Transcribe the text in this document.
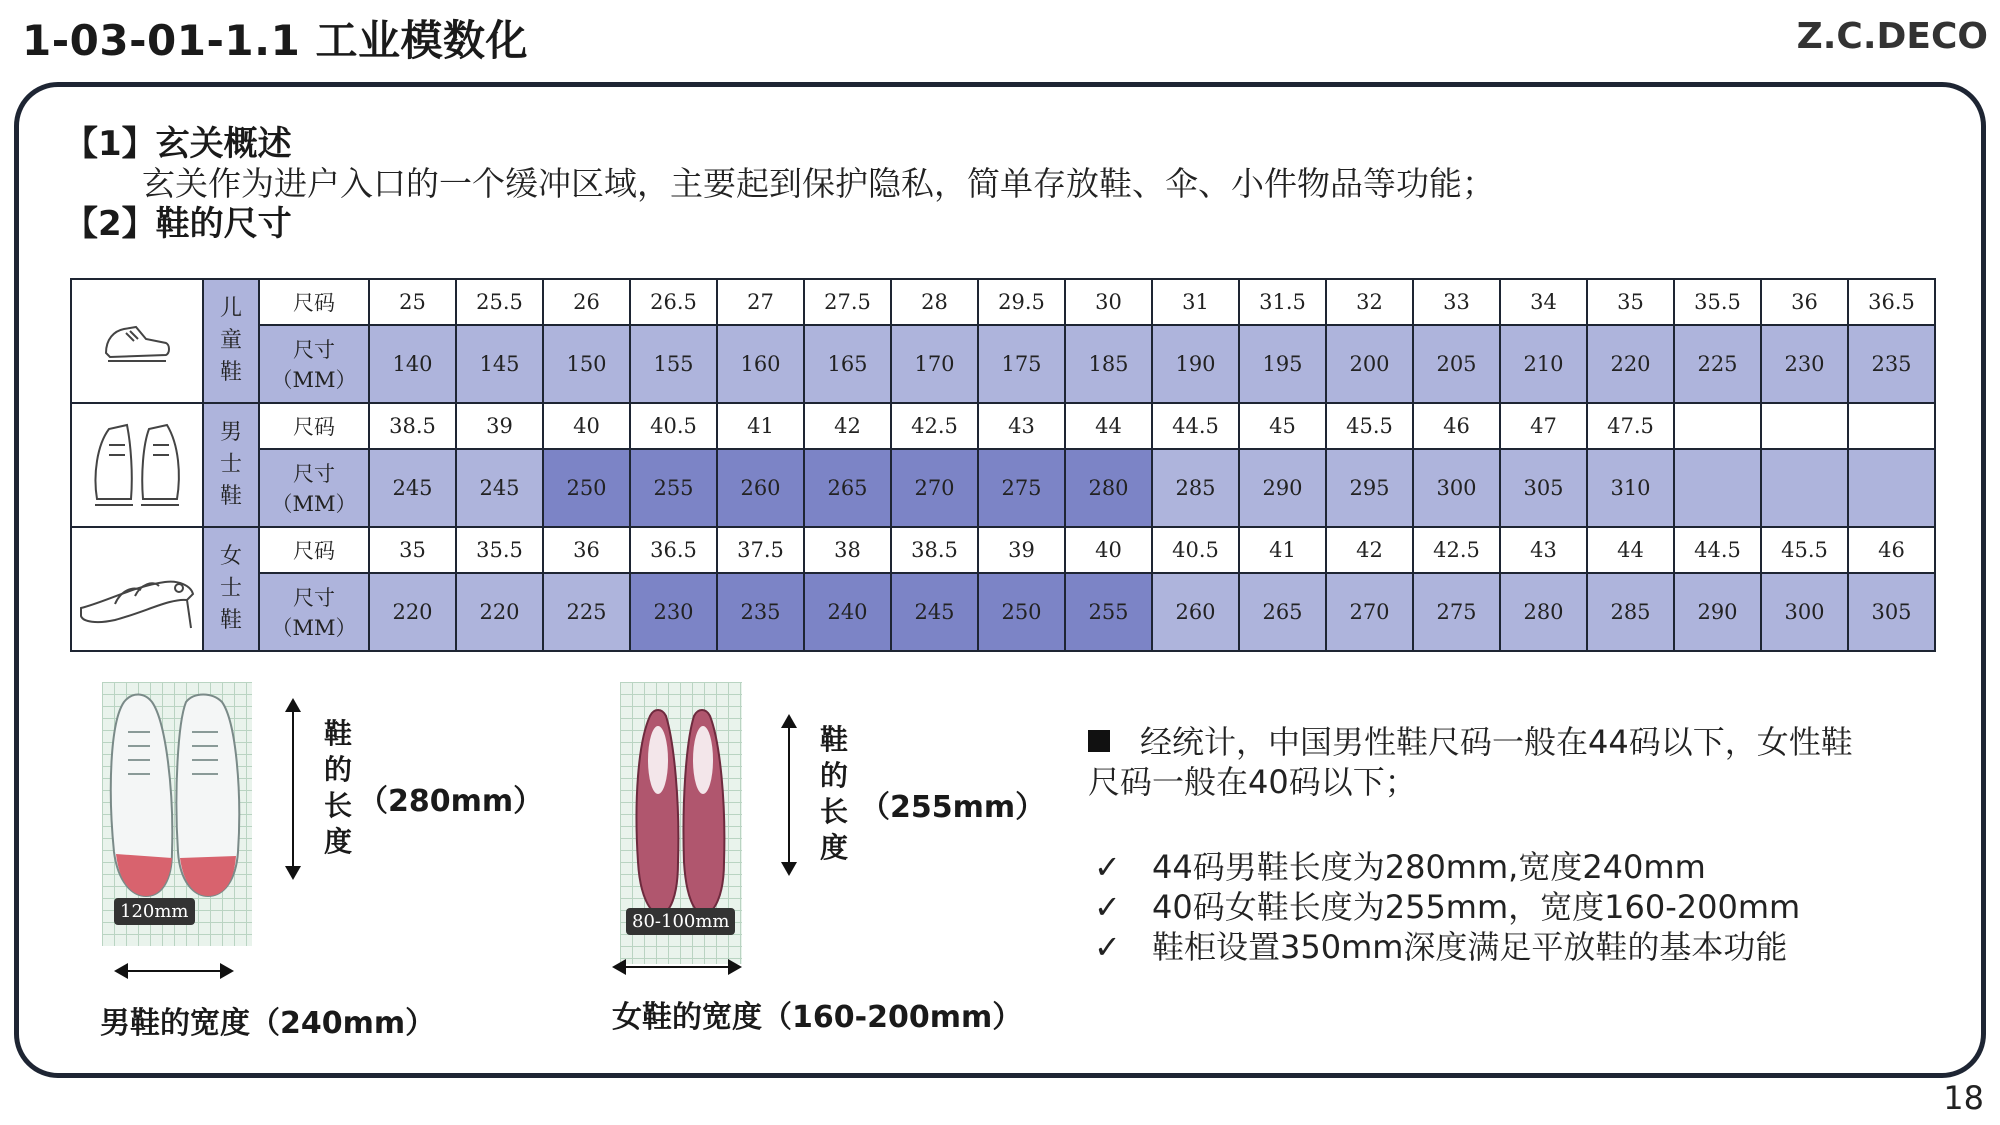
1-03-01-1.1 工业模数化	Z.C.DECO
【1】玄关概述
玄关作为进户入口的一个缓冲区域，主要起到保护隐私，简单存放鞋、伞、小件物品等功能；
【2】鞋的尺寸

儿
童
鞋	尺码	25	25.5	26	26.5	27	27.5	28	29.5	30	31	31.5	32	33	34	35	35.5	36	36.5
		尺寸（MM）	140	145	150	155	160	165	170	175	185	190	195	200	205	210	220	225	230	235

男
士
鞋	尺码	38.5	39	40	40.5	41	42	42.5	43	44	44.5	45	45.5	46	47	47.5			
		尺寸（MM）	245	245	250	255	260	265	270	275	280	285	290	295	300	305	310			

女
士
鞋	尺码	35	35.5	36	36.5	37.5	38	38.5	39	40	40.5	41	42	42.5	43	44	44.5	45.5	46
		尺寸（MM）	220	220	225	230	235	240	245	250	255	260	265	270	275	280	285	290	300	305
120mm
鞋
的
长
度
（280mm）
男鞋的宽度（240mm）
80-100mm
鞋
的
长
度
（255mm）
女鞋的宽度（160-200mm）
经统计，中国男性鞋尺码一般在44码以下，女性鞋
尺码一般在40码以下；
✓ 44码男鞋长度为280mm,宽度240mm
✓ 40码女鞋长度为255mm，宽度160-200mm
✓ 鞋柜设置350mm深度满足平放鞋的基本功能
18
